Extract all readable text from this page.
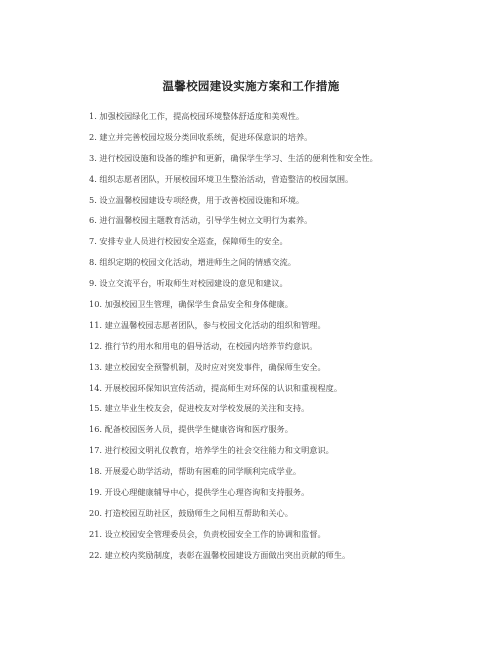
温馨校园建设实施方案和工作措施
1. 加强校园绿化工作，提高校园环境整体舒适度和美观性。
2. 建立并完善校园垃圾分类回收系统，促进环保意识的培养。
3. 进行校园设施和设备的维护和更新，确保学生学习、生活的便利性和安全性。
4. 组织志愿者团队，开展校园环境卫生整治活动，营造整洁的校园氛围。
5. 设立温馨校园建设专项经费，用于改善校园设施和环境。
6. 进行温馨校园主题教育活动，引导学生树立文明行为素养。
7. 安排专业人员进行校园安全巡查，保障师生的安全。
8. 组织定期的校园文化活动，增进师生之间的情感交流。
9. 设立交流平台，听取师生对校园建设的意见和建议。
10. 加强校园卫生管理，确保学生食品安全和身体健康。
11. 建立温馨校园志愿者团队，参与校园文化活动的组织和管理。
12. 推行节约用水和用电的倡导活动，在校园内培养节约意识。
13. 建立校园安全预警机制，及时应对突发事件，确保师生安全。
14. 开展校园环保知识宣传活动，提高师生对环保的认识和重视程度。
15. 建立毕业生校友会，促进校友对学校发展的关注和支持。
16. 配备校园医务人员，提供学生健康咨询和医疗服务。
17. 进行校园文明礼仪教育，培养学生的社会交往能力和文明意识。
18. 开展爱心助学活动，帮助有困难的同学顺利完成学业。
19. 开设心理健康辅导中心，提供学生心理咨询和支持服务。
20. 打造校园互助社区，鼓励师生之间相互帮助和关心。
21. 设立校园安全管理委员会，负责校园安全工作的协调和监督。
22. 建立校内奖励制度，表彰在温馨校园建设方面做出突出贡献的师生。
